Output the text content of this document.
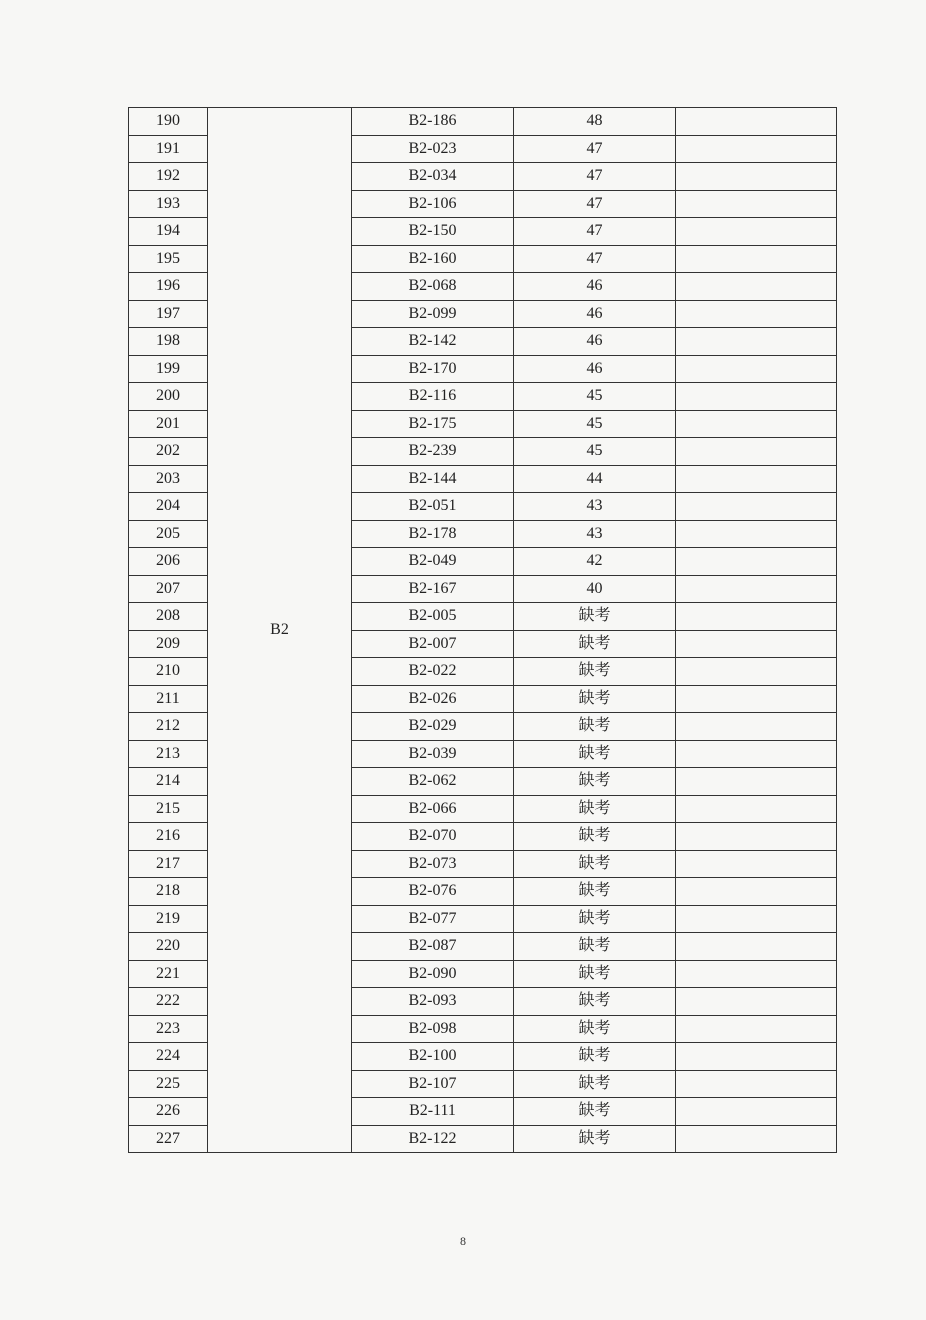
190	B2	B2-186	48	
191		B2-023	47	
192		B2-034	47	
193		B2-106	47	
194		B2-150	47	
195		B2-160	47	
196		B2-068	46	
197		B2-099	46	
198		B2-142	46	
199		B2-170	46	
200		B2-116	45	
201		B2-175	45	
202		B2-239	45	
203		B2-144	44	
204		B2-051	43	
205		B2-178	43	
206		B2-049	42	
207		B2-167	40	
208		B2-005	缺考	
209		B2-007	缺考	
210		B2-022	缺考	
211		B2-026	缺考	
212		B2-029	缺考	
213		B2-039	缺考	
214		B2-062	缺考	
215		B2-066	缺考	
216		B2-070	缺考	
217		B2-073	缺考	
218		B2-076	缺考	
219		B2-077	缺考	
220		B2-087	缺考	
221		B2-090	缺考	
222		B2-093	缺考	
223		B2-098	缺考	
224		B2-100	缺考	
225		B2-107	缺考	
226		B2-111	缺考	
227		B2-122	缺考	
8
